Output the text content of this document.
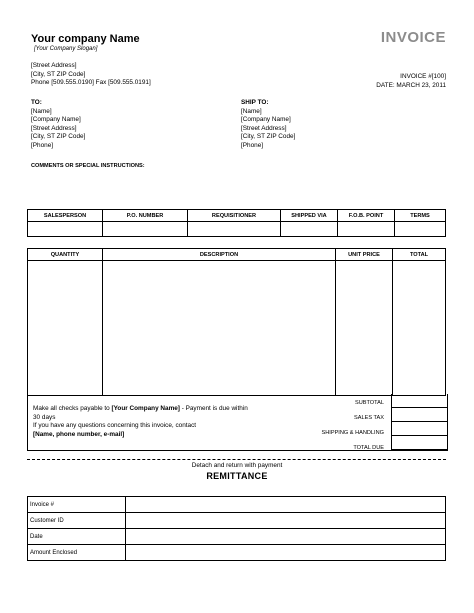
Your company Name
[Your Company Slogan]
[Street Address]
[City, ST ZIP Code]
Phone [509.555.0190] Fax [509.555.0191]
INVOICE
INVOICE #[100]
DATE: MARCH 23, 2011
TO:
[Name]
[Company Name]
[Street Address]
[City, ST ZIP Code]
[Phone]
SHIP TO:
[Name]
[Company Name]
[Street Address]
[City, ST ZIP Code]
[Phone]
COMMENTS OR SPECIAL INSTRUCTIONS:
SALESPERSON	P.O. NUMBER	REQUISITIONER	SHIPPED VIA	F.O.B. POINT	TERMS

QUANTITY	DESCRIPTION	UNIT PRICE	TOTAL

Make all checks payable to [Your Company Name] - Payment is due within
30 days
If you have any questions concerning this invoice, contact
[Name, phone number, e-mail]
SUBTOTAL
SALES TAX
SHIPPING & HANDLING
TOTAL DUE
Detach and return with payment
REMITTANCE
Invoice #	
Customer ID	
Date	
Amount Enclosed	
